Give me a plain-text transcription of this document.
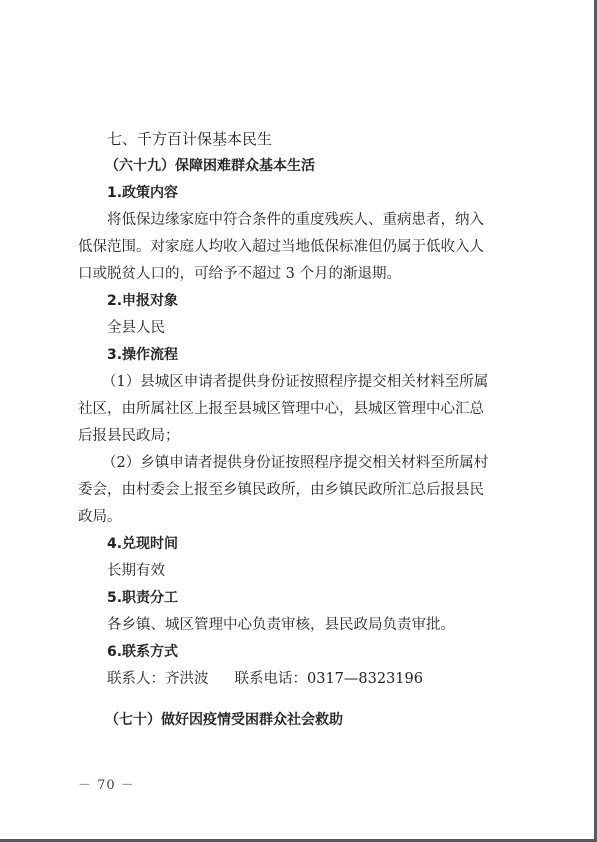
七、千方百计保基本民生
（六十九）保障困难群众基本生活
1.政策内容
将低保边缘家庭中符合条件的重度残疾人、重病患者，纳入
低保范围。对家庭人均收入超过当地低保标准但仍属于低收入人
口或脱贫人口的，可给予不超过 3 个月的渐退期。
2.申报对象
全县人民
3.操作流程
（1）县城区申请者提供身份证按照程序提交相关材料至所属
社区，由所属社区上报至县城区管理中心，县城区管理中心汇总
后报县民政局；
（2）乡镇申请者提供身份证按照程序提交相关材料至所属村
委会，由村委会上报至乡镇民政所，由乡镇民政所汇总后报县民
政局。
4.兑现时间
长期有效
5.职责分工
各乡镇、城区管理中心负责审核，县民政局负责审批。
6.联系方式
联系人：齐洪波 联系电话：0317—8323196
（七十）做好因疫情受困群众社会救助
－ 70 －
